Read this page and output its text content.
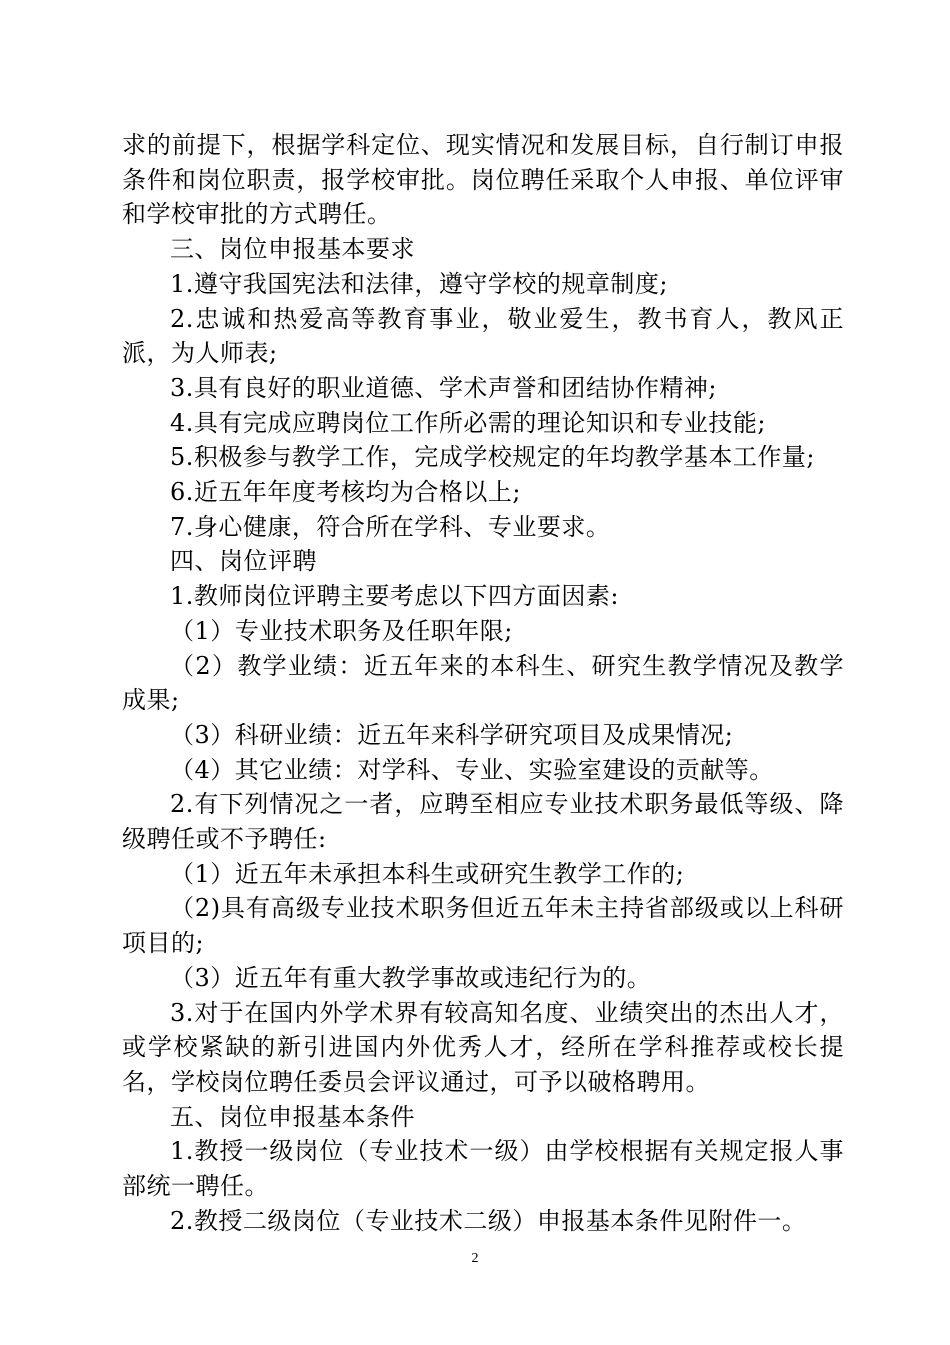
求的前提下，根据学科定位、现实情况和发展目标，自行制订申报条件和岗位职责，报学校审批。岗位聘任采取个人申报、单位评审和学校审批的方式聘任。

三、岗位申报基本要求

1.遵守我国宪法和法律，遵守学校的规章制度;

2.忠诚和热爱高等教育事业，敬业爱生，教书育人，教风正派，为人师表;

3.具有良好的职业道德、学术声誉和团结协作精神;

4.具有完成应聘岗位工作所必需的理论知识和专业技能;

5.积极参与教学工作，完成学校规定的年均教学基本工作量;

6.近五年年度考核均为合格以上;

7.身心健康，符合所在学科、专业要求。

四、岗位评聘

1.教师岗位评聘主要考虑以下四方面因素:

（1）专业技术职务及任职年限;

（2）教学业绩：近五年来的本科生、研究生教学情况及教学成果;

（3）科研业绩：近五年来科学研究项目及成果情况;

（4）其它业绩：对学科、专业、实验室建设的贡献等。

2.有下列情况之一者，应聘至相应专业技术职务最低等级、降级聘任或不予聘任:

（1）近五年未承担本科生或研究生教学工作的;

（2)具有高级专业技术职务但近五年未主持省部级或以上科研项目的;

（3）近五年有重大教学事故或违纪行为的。

3.对于在国内外学术界有较高知名度、业绩突出的杰出人才，或学校紧缺的新引进国内外优秀人才，经所在学科推荐或校长提名，学校岗位聘任委员会评议通过，可予以破格聘用。

五、岗位申报基本条件

1.教授一级岗位（专业技术一级）由学校根据有关规定报人事部统一聘任。

2.教授二级岗位（专业技术二级）申报基本条件见附件一。

2
